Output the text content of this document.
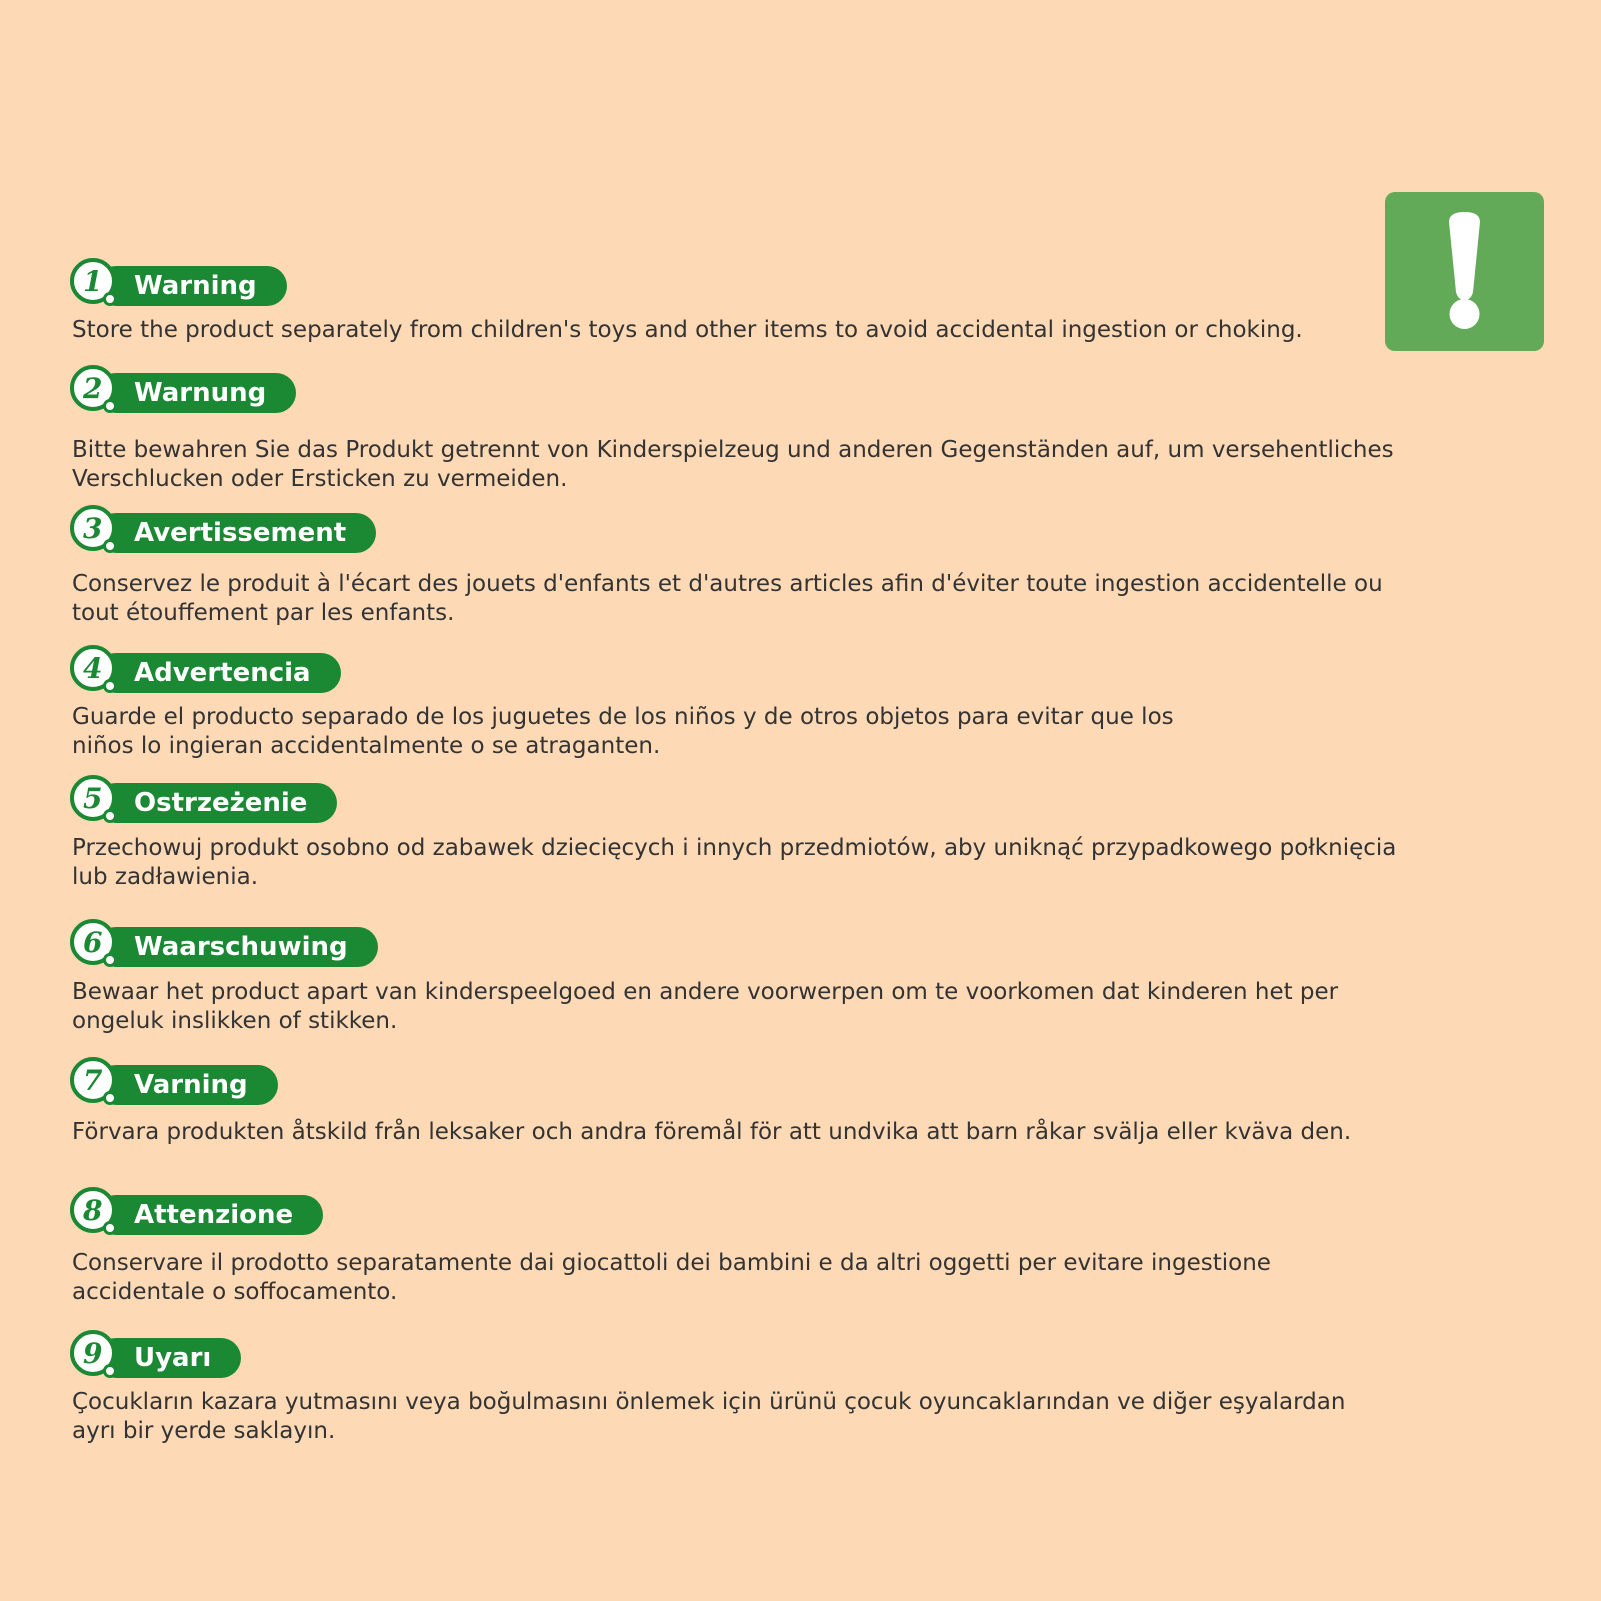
Warning
1
Store the product separately from children's toys and other items to avoid accidental ingestion or choking.
Warnung
2
Bitte bewahren Sie das Produkt getrennt von Kinderspielzeug und anderen Gegenständen auf, um versehentliches
Verschlucken oder Ersticken zu vermeiden.
Avertissement
3
Conservez le produit à l'écart des jouets d'enfants et d'autres articles afin d'éviter toute ingestion accidentelle ou
tout étouffement par les enfants.
Advertencia
4
Guarde el producto separado de los juguetes de los niños y de otros objetos para evitar que los
niños lo ingieran accidentalmente o se atraganten.
Ostrzeżenie
5
Przechowuj produkt osobno od zabawek dziecięcych i innych przedmiotów, aby uniknąć przypadkowego połknięcia
lub zadławienia.
Waarschuwing
6
Bewaar het product apart van kinderspeelgoed en andere voorwerpen om te voorkomen dat kinderen het per
ongeluk inslikken of stikken.
Varning
7
Förvara produkten åtskild från leksaker och andra föremål för att undvika att barn råkar svälja eller kväva den.
Attenzione
8
Conservare il prodotto separatamente dai giocattoli dei bambini e da altri oggetti per evitare ingestione
accidentale o soffocamento.
Uyarı
9
Çocukların kazara yutmasını veya boğulmasını önlemek için ürünü çocuk oyuncaklarından ve diğer eşyalardan
ayrı bir yerde saklayın.
